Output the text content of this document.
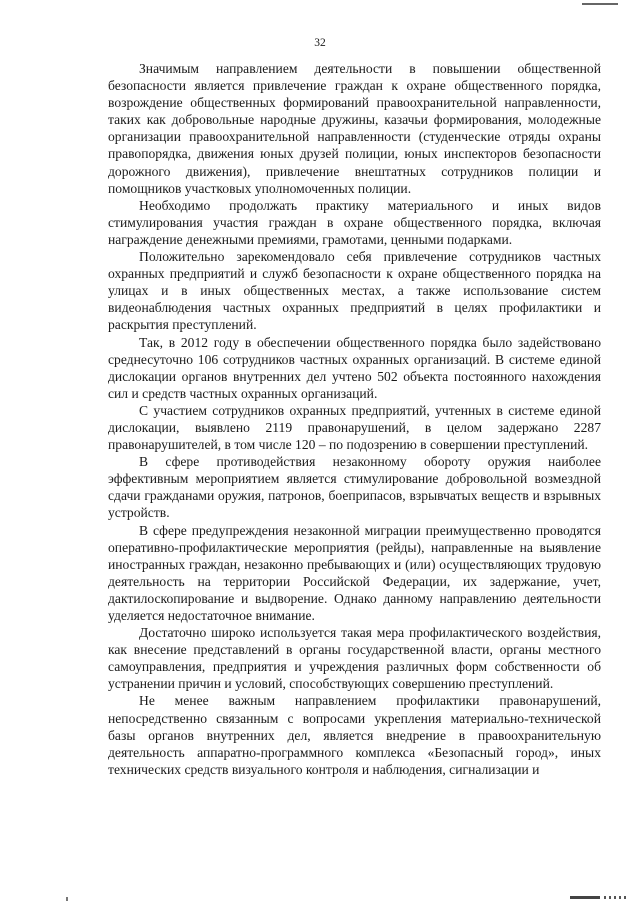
32

Значимым направлением деятельности в повышении общественной безопасности является привлечение граждан к охране общественного порядка, возрождение общественных формирований правоохранительной направленности, таких как добровольные народные дружины, казачьи формирования, молодежные организации правоохранительной направленности (студенческие отряды охраны правопорядка, движения юных друзей полиции, юных инспекторов безопасности дорожного движения), привлечение внештатных сотрудников полиции и помощников участковых уполномоченных полиции.

Необходимо продолжать практику материального и иных видов стимулирования участия граждан в охране общественного порядка, включая награждение денежными премиями, грамотами, ценными подарками.

Положительно зарекомендовало себя привлечение сотрудников частных охранных предприятий и служб безопасности к охране общественного порядка на улицах и в иных общественных местах, а также использование систем видеонаблюдения частных охранных предприятий в целях профилактики и раскрытия преступлений.

Так, в 2012 году в обеспечении общественного порядка было задействовано среднесуточно 106 сотрудников частных охранных организаций. В системе единой дислокации органов внутренних дел учтено 502 объекта постоянного нахождения сил и средств частных охранных организаций.

С участием сотрудников охранных предприятий, учтенных в системе единой дислокации, выявлено 2119 правонарушений, в целом задержано 2287 правонарушителей, в том числе 120 – по подозрению в совершении преступлений.

В сфере противодействия незаконному обороту оружия наиболее эффективным мероприятием является стимулирование добровольной возмездной сдачи гражданами оружия, патронов, боеприпасов, взрывчатых веществ и взрывных устройств.

В сфере предупреждения незаконной миграции преимущественно проводятся оперативно-профилактические мероприятия (рейды), направленные на выявление иностранных граждан, незаконно пребывающих и (или) осуществляющих трудовую деятельность на территории Российской Федерации, их задержание, учет, дактилоскопирование и выдворение. Однако данному направлению деятельности уделяется недостаточное внимание.

Достаточно широко используется такая мера профилактического воздействия, как внесение представлений в органы государственной власти, органы местного самоуправления, предприятия и учреждения различных форм собственности об устранении причин и условий, способствующих совершению преступлений.

Не менее важным направлением профилактики правонарушений, непосредственно связанным с вопросами укрепления материально-технической базы органов внутренних дел, является внедрение в правоохранительную деятельность аппаратно-программного комплекса «Безопасный город», иных технических средств визуального контроля и наблюдения, сигнализации и
